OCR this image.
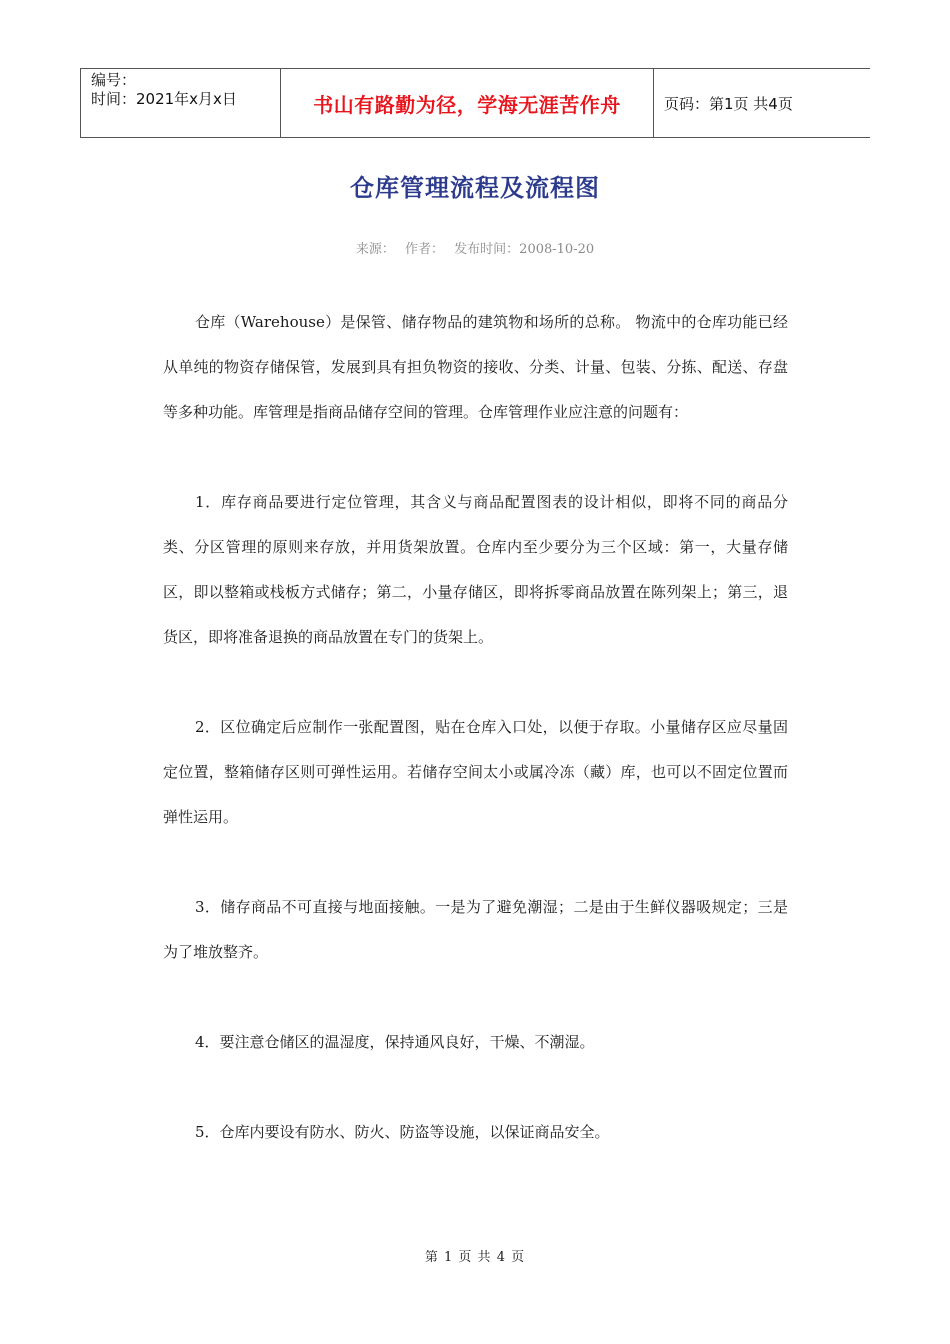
编号：
时间：2021年x月x日	书山有路勤为径，学海无涯苦作舟	页码：第1页 共4页
仓库管理流程及流程图
来源： 作者： 发布时间：2008-10-20

仓库（Warehouse）是保管、储存物品的建筑物和场所的总称。 物流中的仓库功能已经从单纯的物资存储保管，发展到具有担负物资的接收、分类、计量、包装、分拣、配送、存盘等多种功能。库管理是指商品储存空间的管理。仓库管理作业应注意的问题有：

1．库存商品要进行定位管理，其含义与商品配置图表的设计相似，即将不同的商品分类、分区管理的原则来存放，并用货架放置。仓库内至少要分为三个区域：第一，大量存储区，即以整箱或栈板方式储存；第二，小量存储区，即将拆零商品放置在陈列架上；第三，退货区，即将准备退换的商品放置在专门的货架上。

2．区位确定后应制作一张配置图，贴在仓库入口处，以便于存取。小量储存区应尽量固定位置，整箱储存区则可弹性运用。若储存空间太小或属冷冻（藏）库，也可以不固定位置而弹性运用。

3．储存商品不可直接与地面接触。一是为了避免潮湿；二是由于生鲜仪器吸规定；三是为了堆放整齐。

4．要注意仓储区的温湿度，保持通风良好，干燥、不潮湿。

5．仓库内要设有防水、防火、防盗等设施，以保证商品安全。

第 1 页 共 4 页
